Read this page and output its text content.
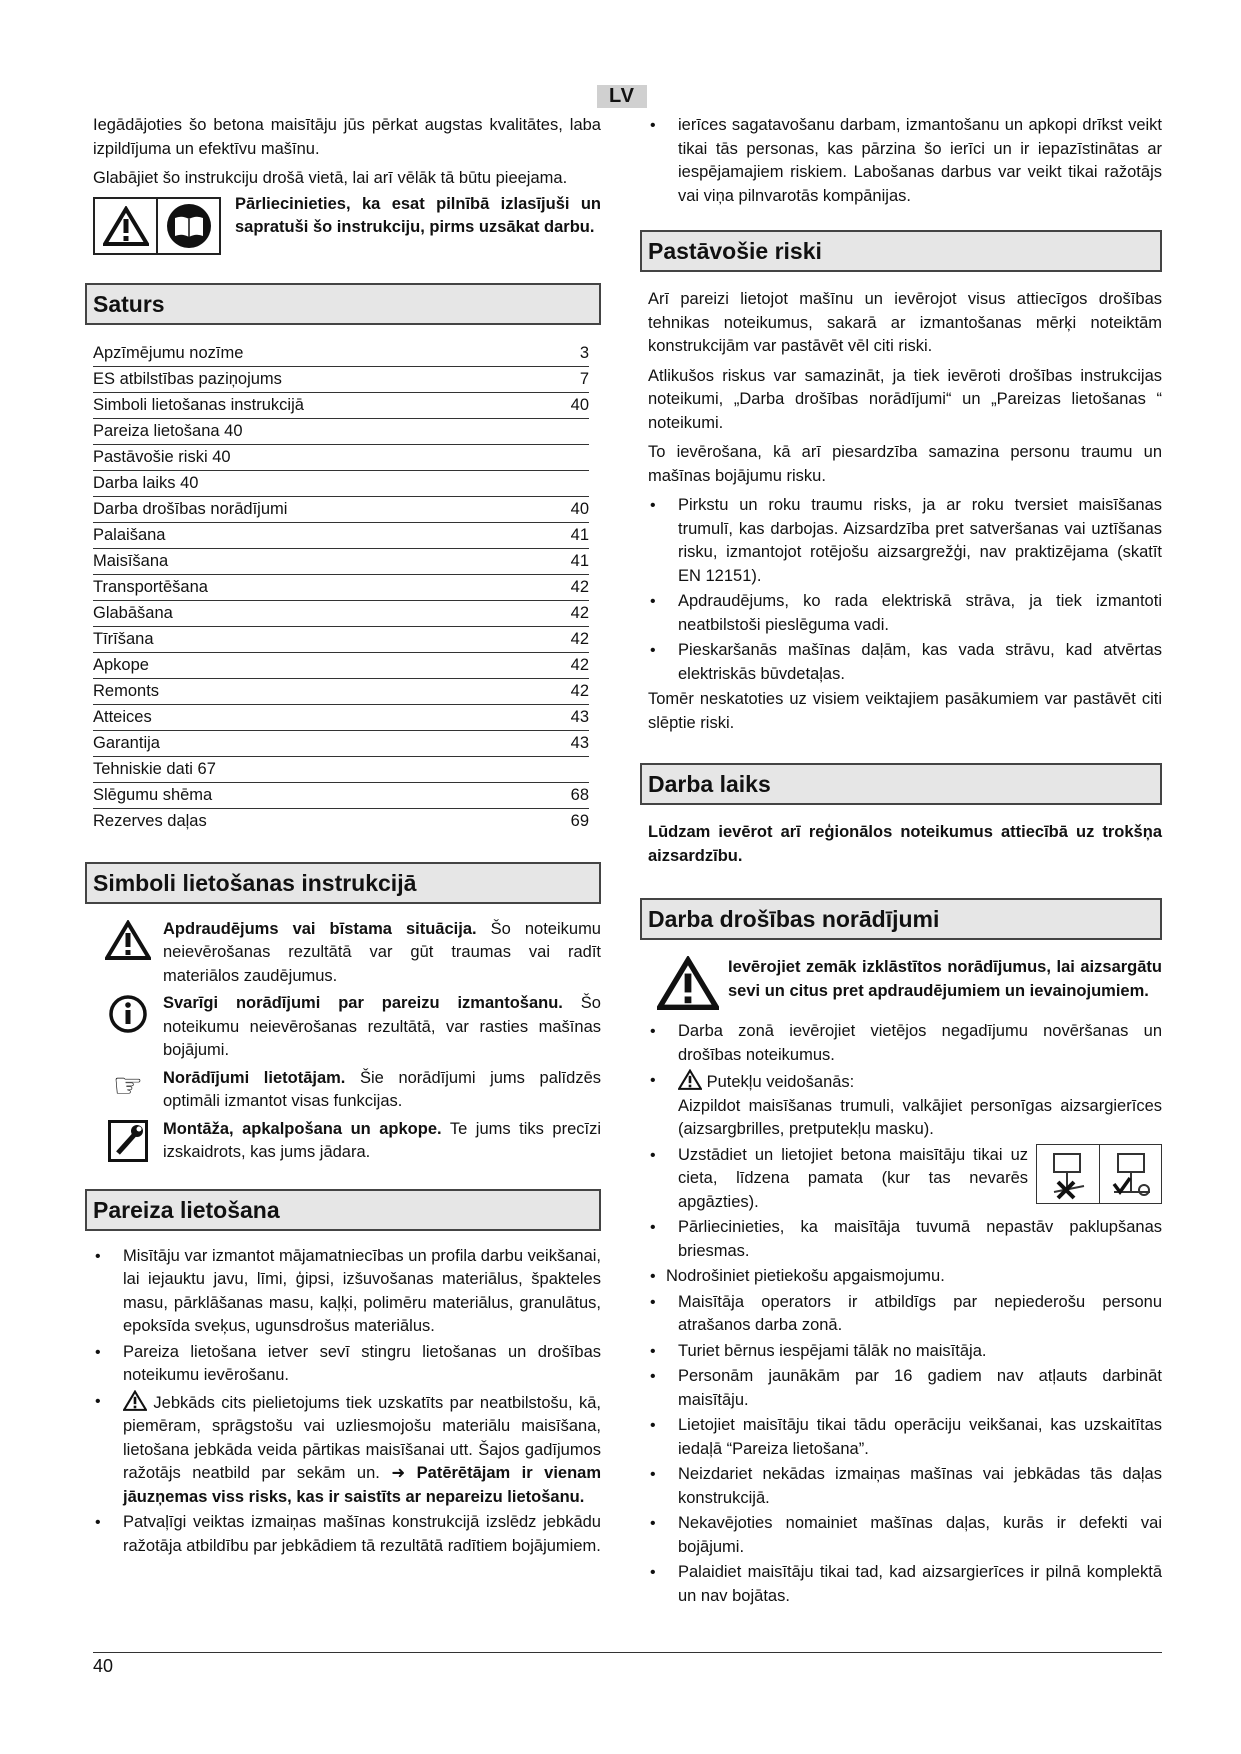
LV

Iegādājoties šo betona maisītāju jūs pērkat augstas kvalitātes, laba izpildījuma un efektīvu mašīnu.

Glabājiet šo instrukciju drošā vietā, lai arī vēlāk tā būtu pieejama.

Pārliecinieties, ka esat pilnībā izlasījuši un sapratuši šo instrukciju, pirms uzsākat darbu.
Saturs
Apzīmējumu nozīme	3
ES atbilstības paziņojums	7
Simboli lietošanas instrukcijā	40
Pareiza lietošana 40
Pastāvošie riski 40
Darba laiks 40
Darba drošības norādījumi	40
Palaišana	41
Maisīšana	41
Transportēšana	42
Glabāšana	42
Tīrīšana	42
Apkope	42
Remonts	42
Atteices	43
Garantija	43
Tehniskie dati 67
Slēgumu shēma	68
Rezerves daļas	69
Simboli lietošanas instrukcijā
Apdraudējums vai bīstama situācija. Šo noteikumu neievērošanas rezultātā var gūt traumas vai radīt materiālos zaudējumus.
Svarīgi norādījumi par pareizu izmantošanu. Šo noteikumu neievērošanas rezultātā, var rasties mašīnas bojājumi.
☞	Norādījumi lietotājam. Šie norādījumi jums palīdzēs optimāli izmantot visas funkcijas.
Montāža, apkalpošana un apkope. Te jums tiks precīzi izskaidrots, kas jums jādara.
Pareiza lietošana
• Misītāju var izmantot mājamatniecības un profila darbu veikšanai, lai iejauktu javu, līmi, ģipsi, izšuvošanas materiālus, špakteles masu, pārklāšanas masu, kaļķi, polimēru materiālus, granulātus, epoksīda sveķus, ugunsdrošus materiālus.
• Pareiza lietošana ietver sevī stingru lietošanas un drošības noteikumu ievērošanu.
• Jebkāds cits pielietojums tiek uzskatīts par neatbilstošu, kā, piemēram, sprāgstošu vai uzliesmojošu materiālu maisīšana, lietošana jebkāda veida pārtikas maisīšanai utt. Šajos gadījumos ražotājs neatbild par sekām un. ➜ Patērētājam ir vienam jāuzņemas viss risks, kas ir saistīts ar nepareizu lietošanu.
• Patvaļīgi veiktas izmaiņas mašīnas konstrukcijā izslēdz jebkādu ražotāja atbildību par jebkādiem tā rezultātā radītiem bojājumiem.
• ierīces sagatavošanu darbam, izmantošanu un apkopi drīkst veikt tikai tās personas, kas pārzina šo ierīci un ir iepazīstinātas ar iespējamajiem riskiem. Labošanas darbus var veikt tikai ražotājs vai viņa pilnvarotās kompānijas.
Pastāvošie riski

Arī pareizi lietojot mašīnu un ievērojot visus attiecīgos drošības tehnikas noteikumus, sakarā ar izmantošanas mērķi noteiktām konstrukcijām var pastāvēt vēl citi riski.

Atlikušos riskus var samazināt, ja tiek ievēroti drošības instrukcijas noteikumi, „Darba drošības norādījumi“ un „Pareizas lietošanas “ noteikumi.

To ievērošana, kā arī piesardzība samazina personu traumu un mašīnas bojājumu risku.

• Pirkstu un roku traumu risks, ja ar roku tversiet maisīšanas trumulī, kas darbojas. Aizsardzība pret satveršanas vai uztīšanas risku, izmantojot rotējošu aizsargrežģi, nav praktizējama (skatīt EN 12151).
• Apdraudējums, ko rada elektriskā strāva, ja tiek izmantoti neatbilstoši pieslēguma vadi.
• Pieskaršanās mašīnas daļām, kas vada strāvu, kad atvērtas elektriskās būvdetaļas.

Tomēr neskatoties uz visiem veiktajiem pasākumiem var pastāvēt citi slēptie riski.

Darba laiks

Lūdzam ievērot arī reģionālos noteikumus attiecībā uz trokšņa aizsardzību.

Darba drošības norādījumi
Ievērojiet zemāk izklāstītos norādījumus, lai aizsargātu sevi un citus pret apdraudējumiem un ievainojumiem.
• Darba zonā ievērojiet vietējos negadījumu novēršanas un drošības noteikumus.
• Putekļu veidošanās:
Aizpildot maisīšanas trumuli, valkājiet personīgas aizsargierīces (aizsargbrilles, pretputekļu masku).
• Uzstādiet un lietojiet betona maisītāju tikai uz cieta, līdzena pamata (kur tas nevarēs apgāzties).
• Pārliecinieties, ka maisītāja tuvumā nepastāv paklupšanas briesmas.
• Nodrošiniet pietiekošu apgaismojumu.
• Maisītāja operators ir atbildīgs par nepiederošu personu atrašanos darba zonā.
• Turiet bērnus iespējami tālāk no maisītāja.
• Personām jaunākām par 16 gadiem nav atļauts darbināt maisītāju.
• Lietojiet maisītāju tikai tādu operāciju veikšanai, kas uzskaitītas iedaļā “Pareiza lietošana”.
• Neizdariet nekādas izmaiņas mašīnas vai jebkādas tās daļas konstrukcijā.
• Nekavējoties nomainiet mašīnas daļas, kurās ir defekti vai bojājumi.
• Palaidiet maisītāju tikai tad, kad aizsargierīces ir pilnā komplektā un nav bojātas.
40
